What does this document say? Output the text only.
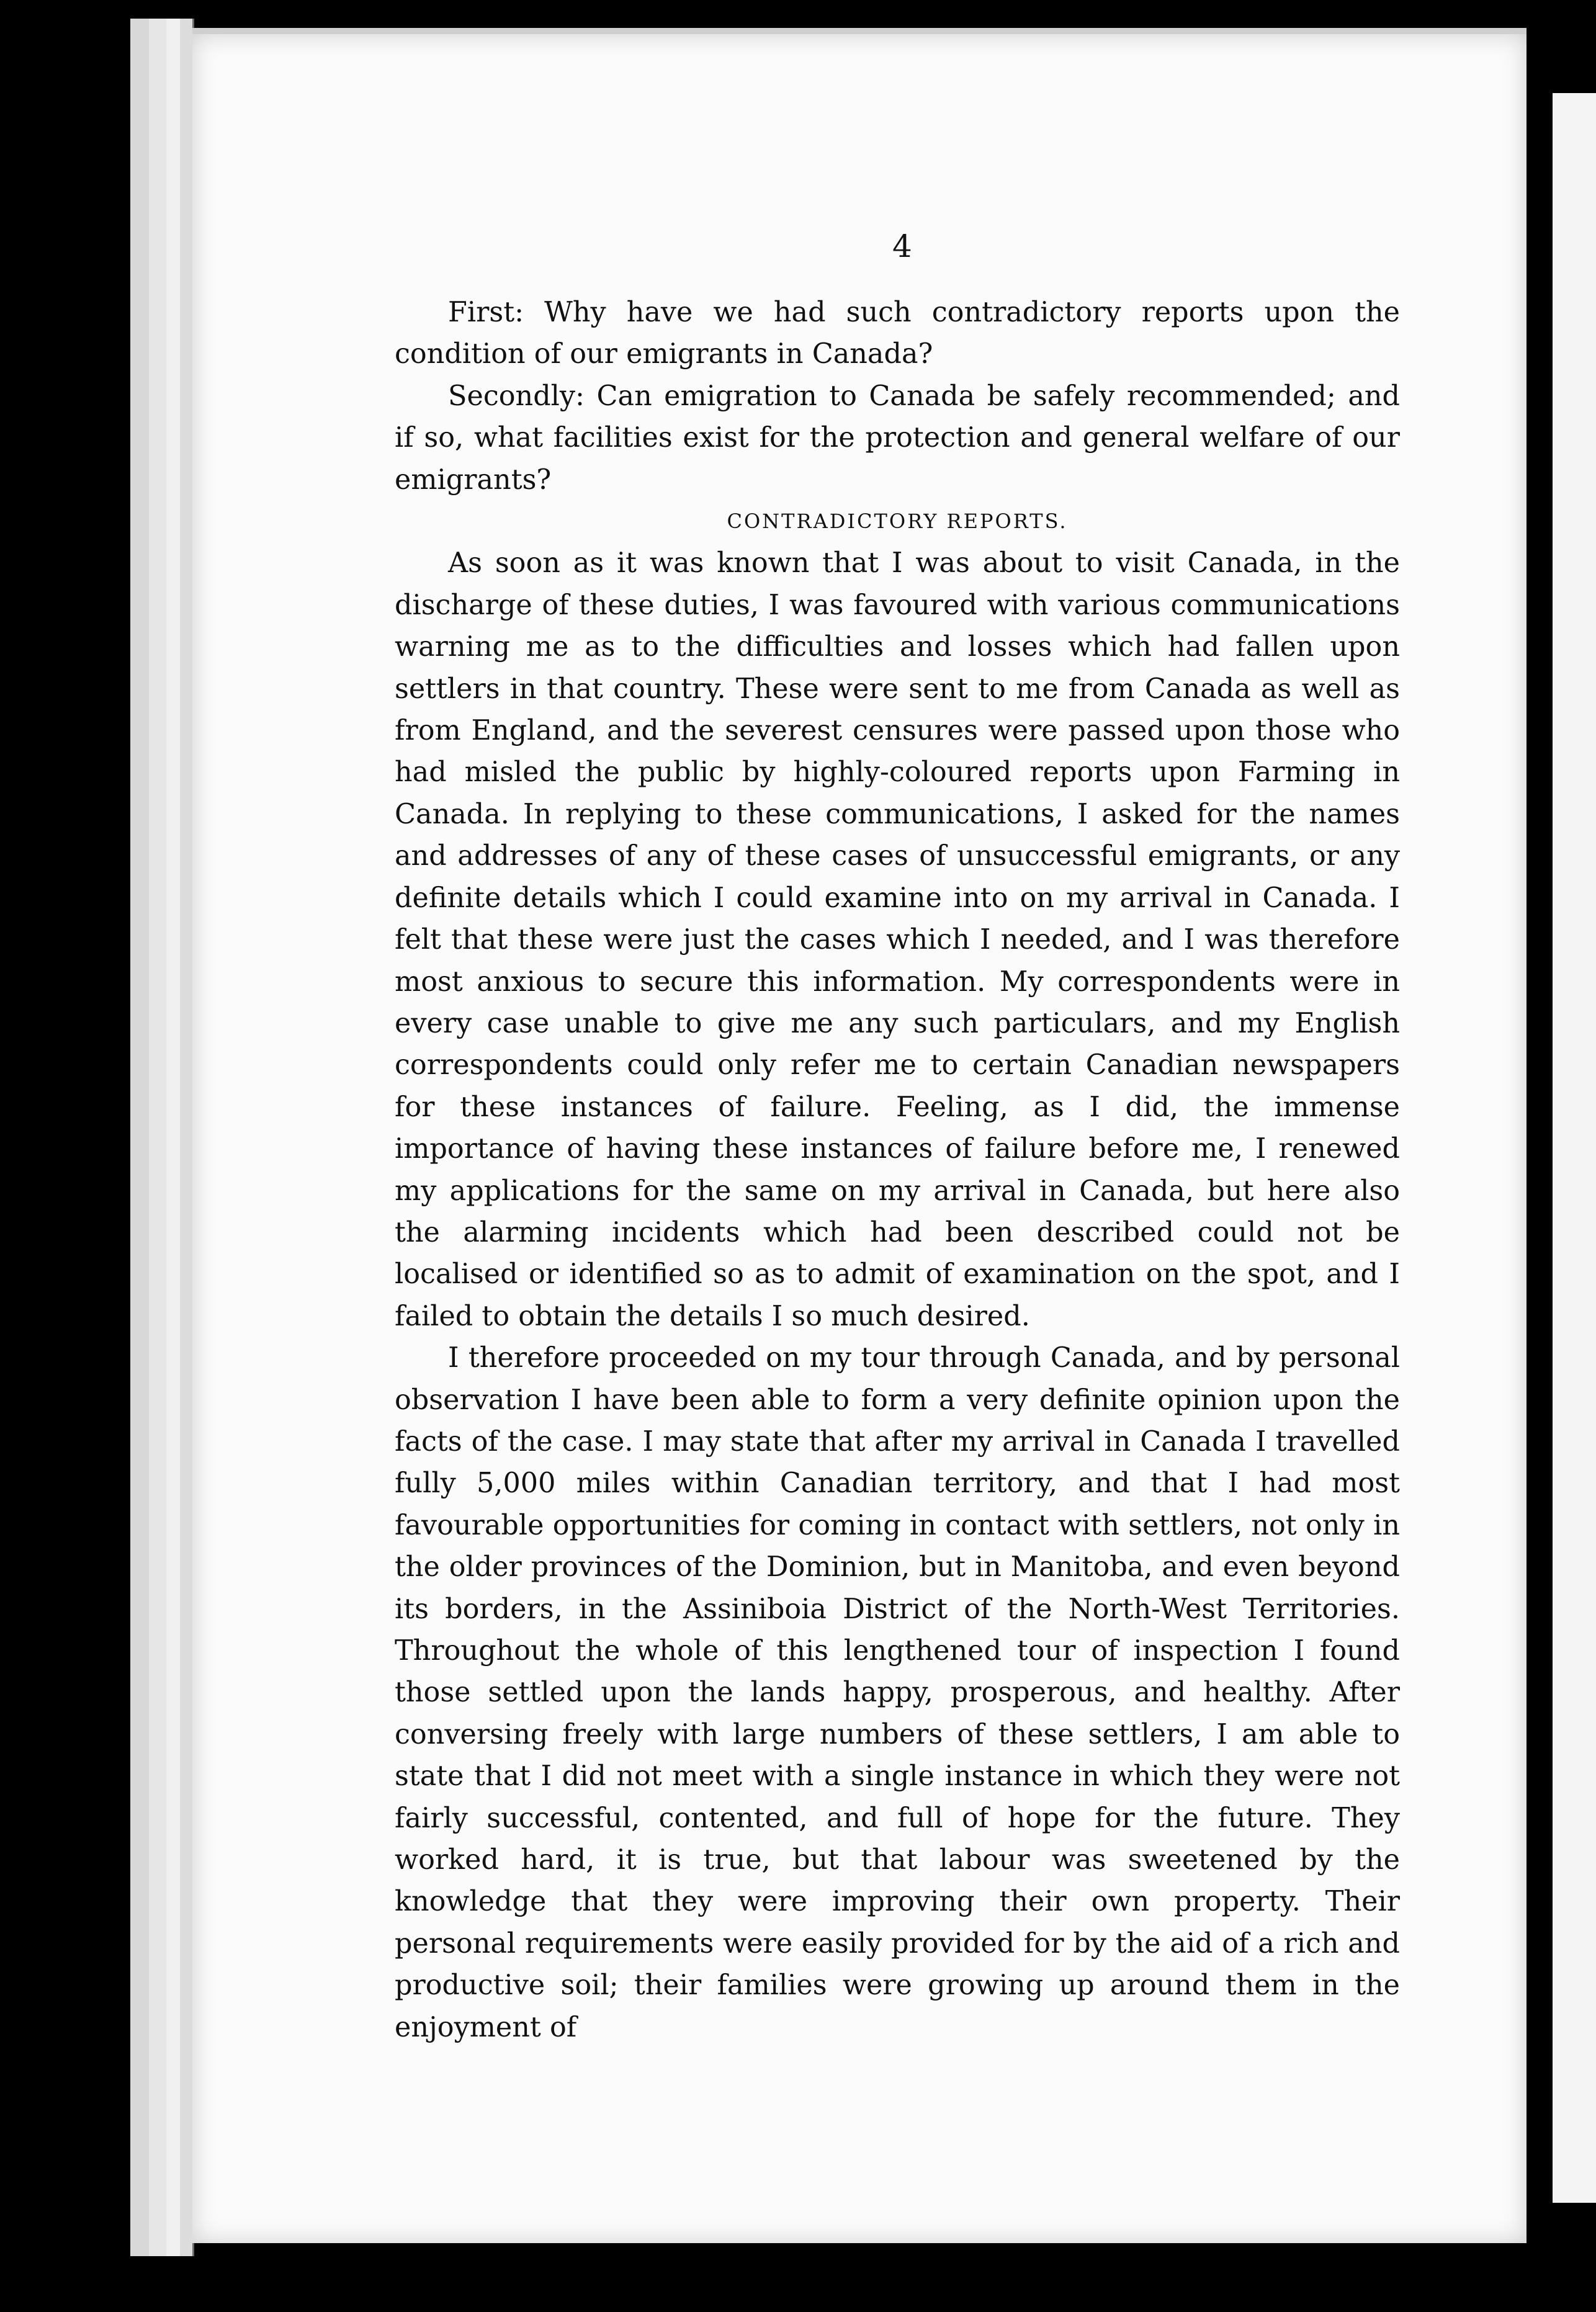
4

First: Why have we had such contradictory reports upon the condition of our emigrants in Canada?

Secondly: Can emigration to Canada be safely recommended; and if so, what facilities exist for the protection and general welfare of our emigrants?

CONTRADICTORY REPORTS.

As soon as it was known that I was about to visit Canada, in the discharge of these duties, I was favoured with various communications warning me as to the difficulties and losses which had fallen upon settlers in that country. These were sent to me from Canada as well as from England, and the severest censures were passed upon those who had misled the public by highly-coloured reports upon Farming in Canada. In replying to these communications, I asked for the names and addresses of any of these cases of unsuccessful emigrants, or any definite details which I could examine into on my arrival in Canada. I felt that these were just the cases which I needed, and I was therefore most anxious to secure this information. My correspondents were in every case unable to give me any such particulars, and my English correspondents could only refer me to certain Canadian newspapers for these instances of failure. Feeling, as I did, the immense importance of having these instances of failure before me, I renewed my applications for the same on my arrival in Canada, but here also the alarming incidents which had been described could not be localised or identified so as to admit of examination on the spot, and I failed to obtain the details I so much desired.

I therefore proceeded on my tour through Canada, and by personal observation I have been able to form a very definite opinion upon the facts of the case. I may state that after my arrival in Canada I travelled fully 5,000 miles within Canadian territory, and that I had most favourable opportunities for coming in contact with settlers, not only in the older provinces of the Dominion, but in Manitoba, and even beyond its borders, in the Assiniboia District of the North-West Territories. Throughout the whole of this lengthened tour of inspection I found those settled upon the lands happy, prosperous, and healthy. After conversing freely with large numbers of these settlers, I am able to state that I did not meet with a single instance in which they were not fairly successful, contented, and full of hope for the future. They worked hard, it is true, but that labour was sweetened by the knowledge that they were improving their own property. Their personal requirements were easily provided for by the aid of a rich and productive soil; their families were growing up around them in the enjoyment of
